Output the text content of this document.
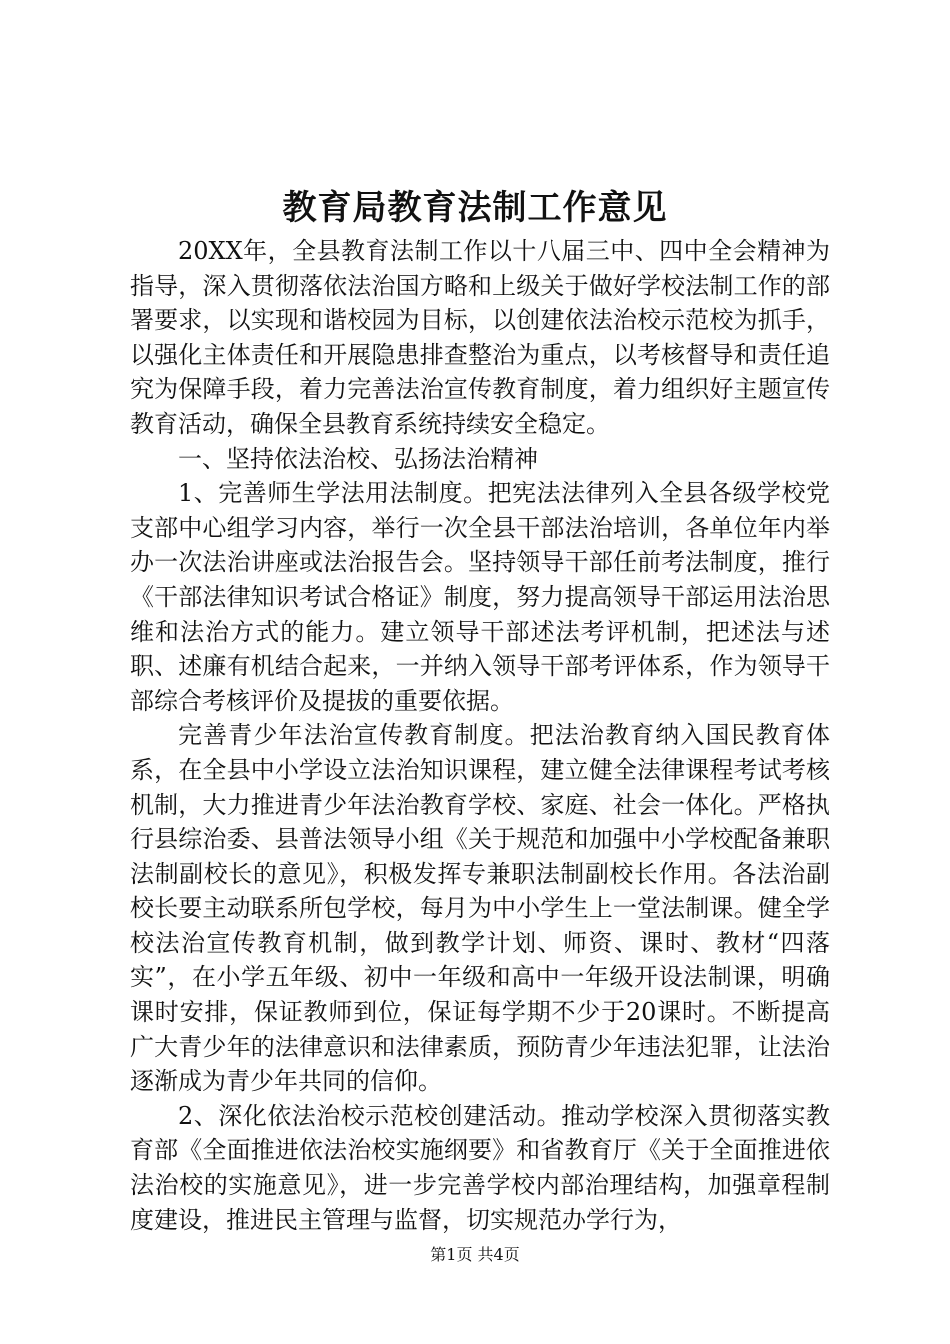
教育局教育法制工作意见

20XX年，全县教育法制工作以十八届三中、四中全会精神为指导，深入贯彻落依法治国方略和上级关于做好学校法制工作的部署要求，以实现和谐校园为目标，以创建依法治校示范校为抓手，以强化主体责任和开展隐患排查整治为重点，以考核督导和责任追究为保障手段，着力完善法治宣传教育制度，着力组织好主题宣传教育活动，确保全县教育系统持续安全稳定。

一、坚持依法治校、弘扬法治精神

1、完善师生学法用法制度。把宪法法律列入全县各级学校党支部中心组学习内容，举行一次全县干部法治培训，各单位年内举办一次法治讲座或法治报告会。坚持领导干部任前考法制度，推行《干部法律知识考试合格证》制度，努力提高领导干部运用法治思维和法治方式的能力。建立领导干部述法考评机制，把述法与述职、述廉有机结合起来，一并纳入领导干部考评体系，作为领导干部综合考核评价及提拔的重要依据。

完善青少年法治宣传教育制度。把法治教育纳入国民教育体系，在全县中小学设立法治知识课程，建立健全法律课程考试考核机制，大力推进青少年法治教育学校、家庭、社会一体化。严格执行县综治委、县普法领导小组《关于规范和加强中小学校配备兼职法制副校长的意见》，积极发挥专兼职法制副校长作用。各法治副校长要主动联系所包学校，每月为中小学生上一堂法制课。健全学校法治宣传教育机制，做到教学计划、师资、课时、教材“四落实”，在小学五年级、初中一年级和高中一年级开设法制课，明确课时安排，保证教师到位，保证每学期不少于20课时。不断提高广大青少年的法律意识和法律素质，预防青少年违法犯罪，让法治逐渐成为青少年共同的信仰。

2、深化依法治校示范校创建活动。推动学校深入贯彻落实教育部《全面推进依法治校实施纲要》和省教育厅《关于全面推进依法治校的实施意见》，进一步完善学校内部治理结构，加强章程制度建设，推进民主管理与监督，切实规范办学行为，

第1页 共4页
